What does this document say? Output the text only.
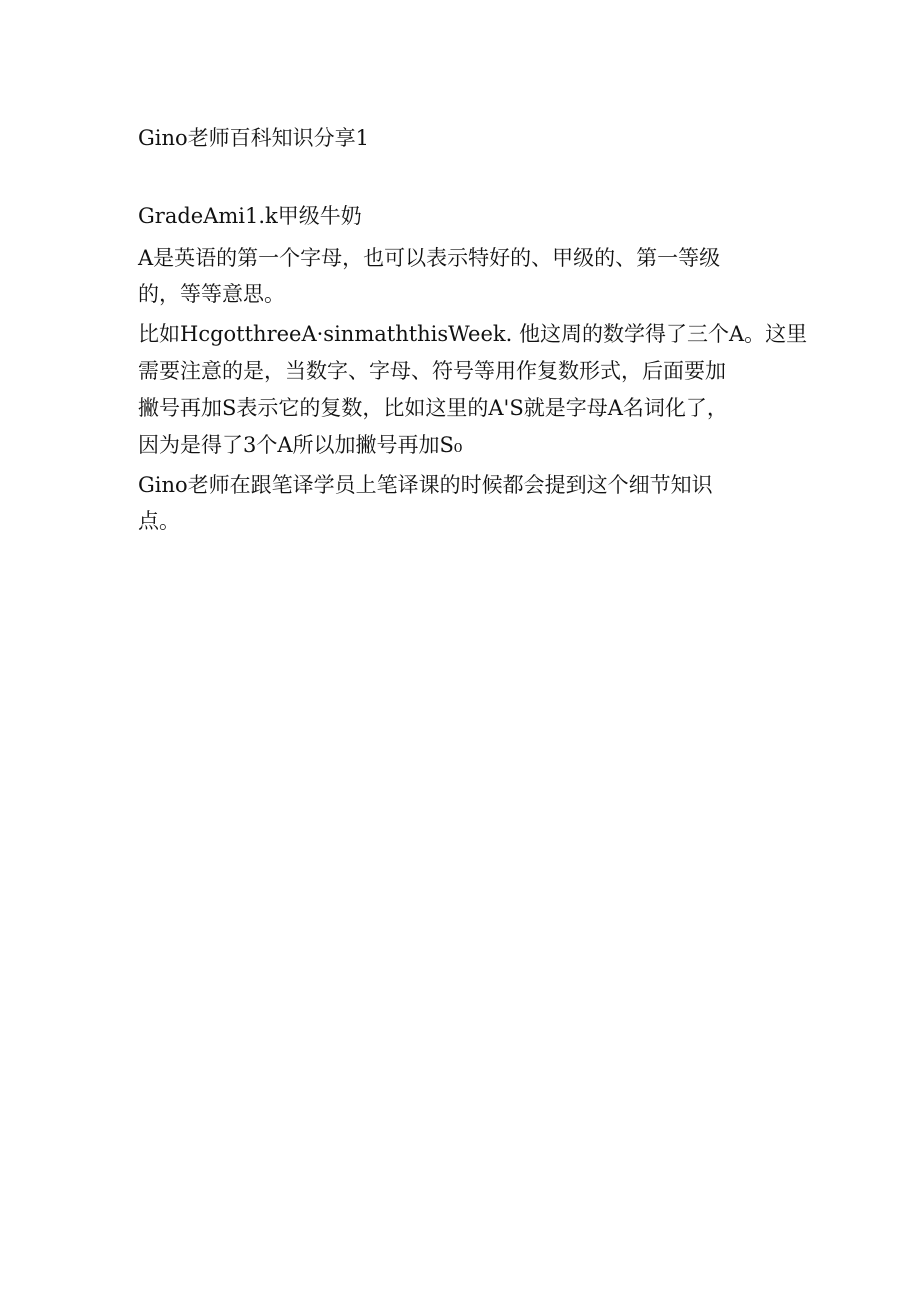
Gino老师百科知识分享1

GradeAmi1.k甲级牛奶

A是英语的第一个字母，也可以表示特好的、甲级的、第一等级

的，等等意思。

比如HcgotthreeA·sinmaththisWeek. 他这周的数学得了三个A。这里

需要注意的是，当数字、字母、符号等用作复数形式，后面要加

撇号再加S表示它的复数，比如这里的A'S就是字母A名词化了，

因为是得了3个A所以加撇号再加S₀

Gino老师在跟笔译学员上笔译课的时候都会提到这个细节知识

点。
